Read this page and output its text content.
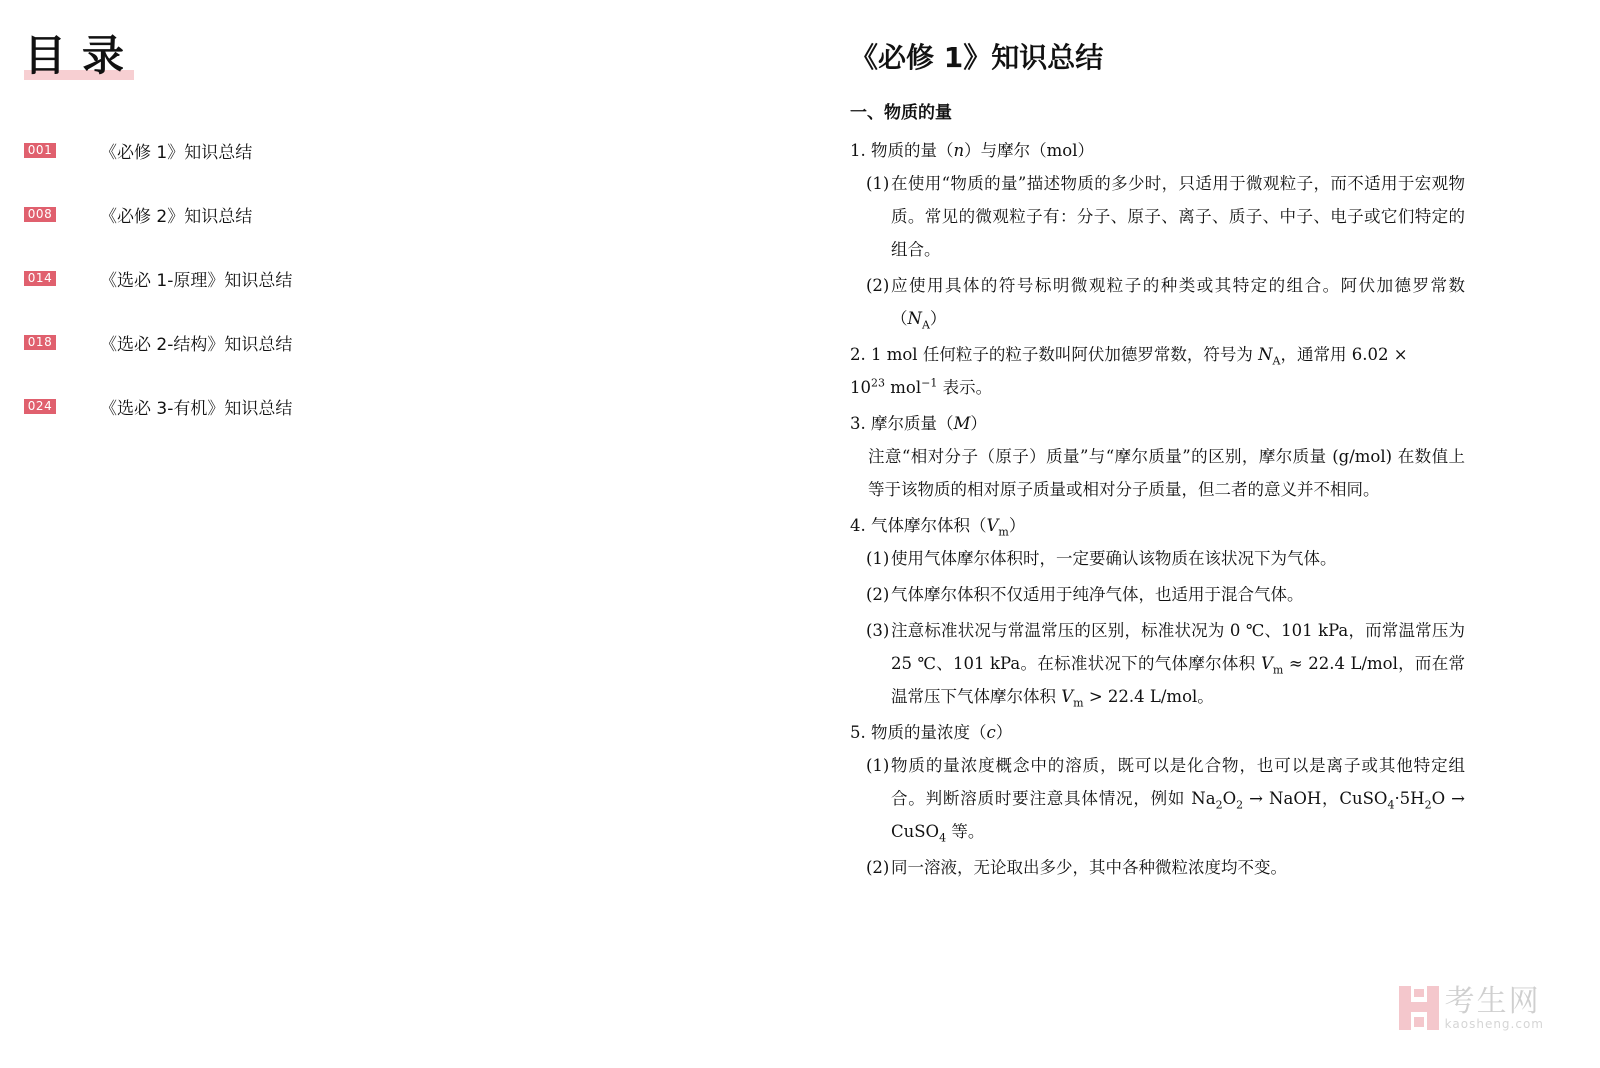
目录
001	《必修 1》知识总结
008	《必修 2》知识总结
014	《选必 1-原理》知识总结
018	《选必 2-结构》知识总结
024	《选必 3-有机》知识总结
《必修 1》知识总结
一、物质的量

1. 物质的量（n）与摩尔（mol）

(1) 在使用“物质的量”描述物质的多少时，只适用于微观粒子，而不适用于宏观物质。常见的微观粒子有：分子、原子、离子、质子、中子、电子或它们特定的组合。

(2) 应使用具体的符号标明微观粒子的种类或其特定的组合。阿伏加德罗常数$(N_A)$

2. 1 mol 任何粒子的粒子数叫阿伏加德罗常数，符号为 $N_A$，通常用 6.02 ×
$10^{23}$ mol$^{-1}$ 表示。

3. 摩尔质量（M）

注意“相对分子（原子）质量”与“摩尔质量”的区别，摩尔质量 (g/mol) 在数值上等于该物质的相对原子质量或相对分子质量，但二者的意义并不相同。

4. 气体摩尔体积$(V_m)$

(1) 使用气体摩尔体积时，一定要确认该物质在该状况下为气体。

(2) 气体摩尔体积不仅适用于纯净气体，也适用于混合气体。

(3) 注意标准状况与常温常压的区别，标准状况为 0 ℃、101 kPa，而常温常压为 25 ℃、101 kPa。在标准状况下的气体摩尔体积 $V_m \approx 22.4$ L/mol，而在常温常压下气体摩尔体积 $V_m > 22.4$ L/mol。

5. 物质的量浓度（c）

(1) 物质的量浓度概念中的溶质，既可以是化合物，也可以是离子或其他特定组合。判断溶质时要注意具体情况，例如 $Na_2O_2$ → NaOH，$CuSO_4\cdot 5H_2O$ → CuSO$_4$ 等。

(2) 同一溶液，无论取出多少，其中各种微粒浓度均不变。

考生网
kaosheng.com
